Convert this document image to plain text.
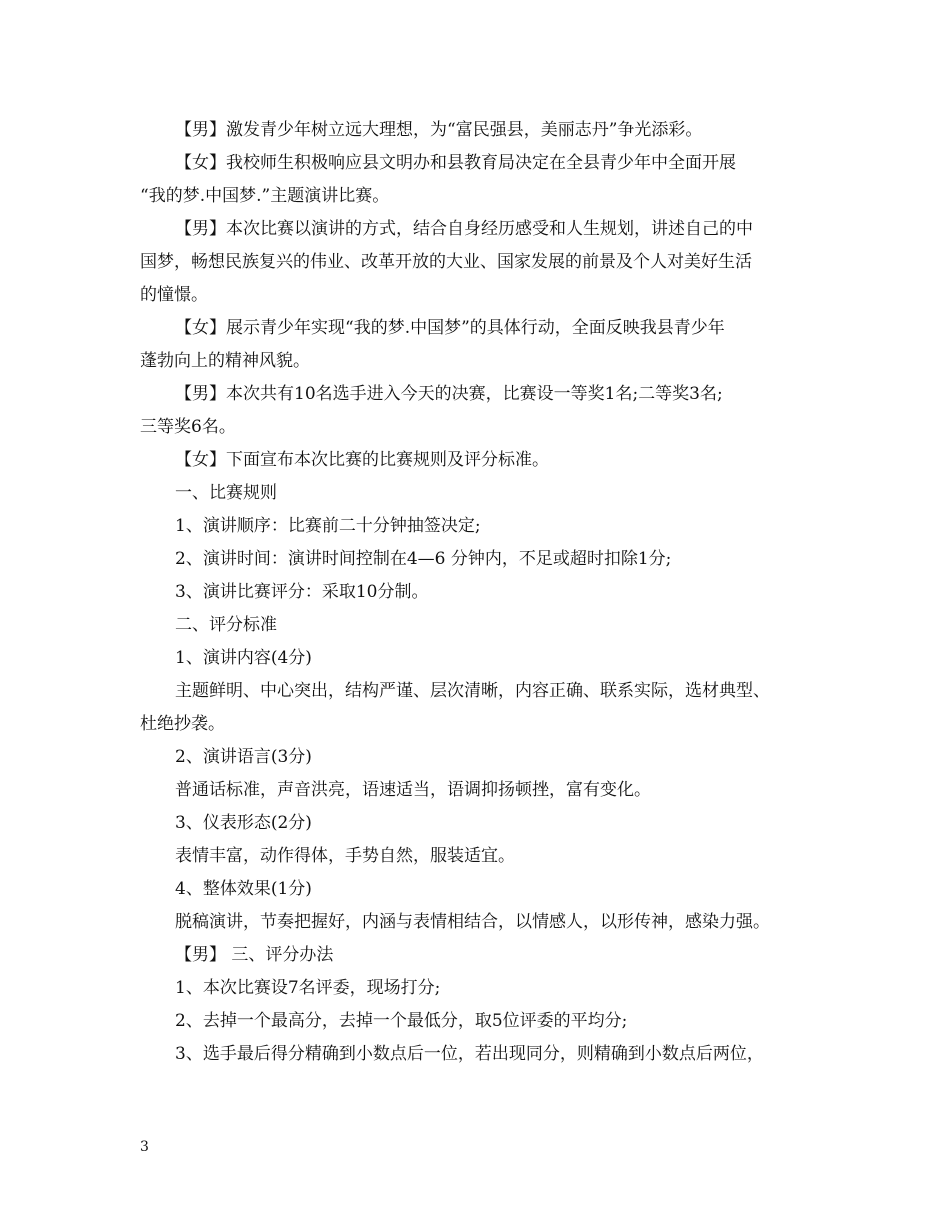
【男】激发青少年树立远大理想，为“富民强县，美丽志丹”争光添彩。
【女】我校师生积极响应县文明办和县教育局决定在全县青少年中全面开展
“我的梦.中国梦.”主题演讲比赛。
【男】本次比赛以演讲的方式，结合自身经历感受和人生规划，讲述自己的中
国梦，畅想民族复兴的伟业、改革开放的大业、国家发展的前景及个人对美好生活
的憧憬。
【女】展示青少年实现“我的梦.中国梦”的具体行动，全面反映我县青少年
蓬勃向上的精神风貌。
【男】本次共有10名选手进入今天的决赛，比赛设一等奖1名;二等奖3名;
三等奖6名。
【女】下面宣布本次比赛的比赛规则及评分标准。
一、比赛规则
1、演讲顺序：比赛前二十分钟抽签决定;
2、演讲时间：演讲时间控制在4—6 分钟内，不足或超时扣除1分;
3、演讲比赛评分：采取10分制。
二、评分标准
1、演讲内容(4分)
主题鲜明、中心突出，结构严谨、层次清晰，内容正确、联系实际，选材典型、
杜绝抄袭。
2、演讲语言(3分)
普通话标准，声音洪亮，语速适当，语调抑扬顿挫，富有变化。
3、仪表形态(2分)
表情丰富，动作得体，手势自然，服装适宜。
4、整体效果(1分)
脱稿演讲，节奏把握好，内涵与表情相结合，以情感人，以形传神，感染力强。
【男】 三、评分办法
1、本次比赛设7名评委，现场打分;
2、去掉一个最高分，去掉一个最低分，取5位评委的平均分;
3、选手最后得分精确到小数点后一位，若出现同分，则精确到小数点后两位，
3
